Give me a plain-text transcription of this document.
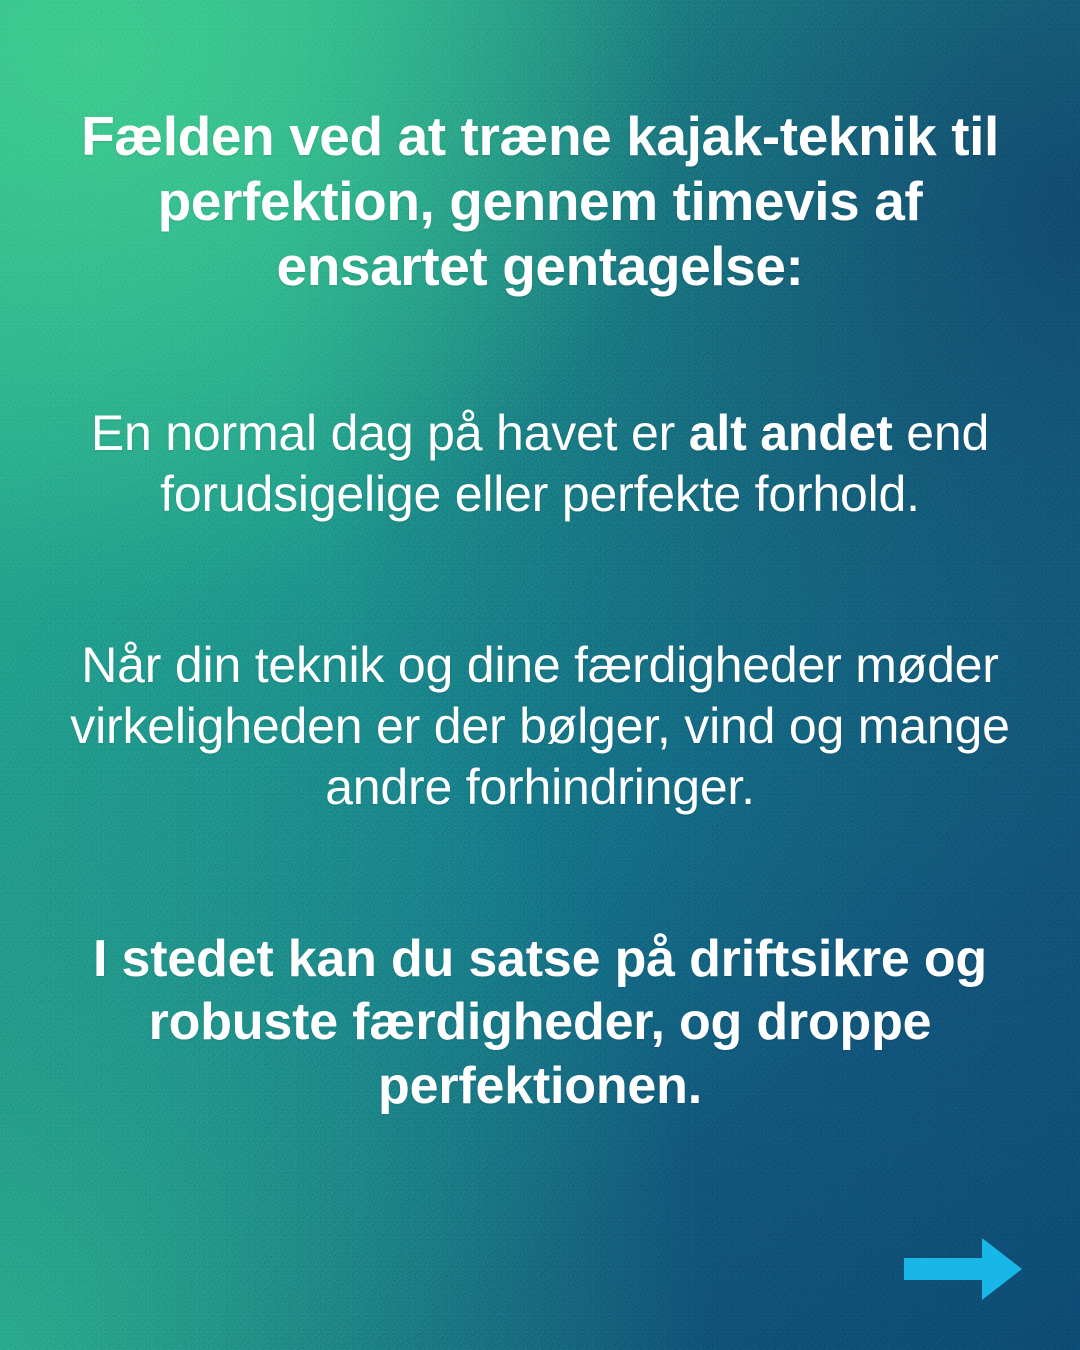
Fælden ved at træne kajak-teknik til perfektion, gennem timevis af ensartet gentagelse:

En normal dag på havet er alt andet end forudsigelige eller perfekte forhold.

Når din teknik og dine færdigheder møder virkeligheden er der bølger, vind og mange andre forhindringer.

I stedet kan du satse på driftsikre og robuste færdigheder, og droppe perfektionen.
